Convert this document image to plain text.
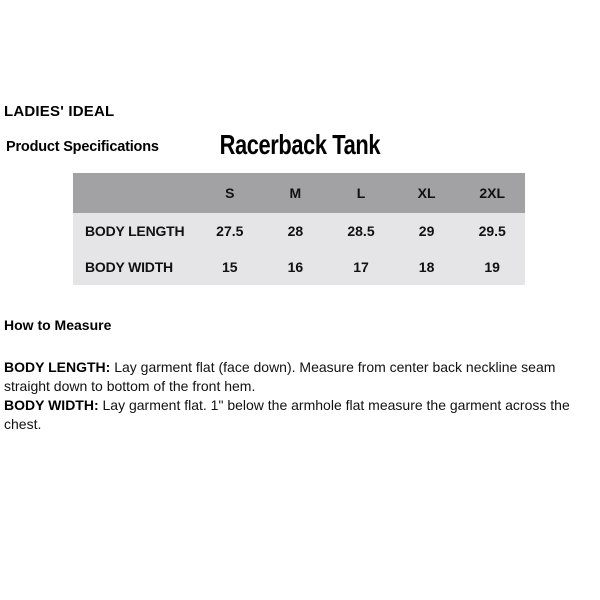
LADIES' IDEAL
Racerback Tank
Product Specifications
	S	M	L	XL	2XL
BODY LENGTH	27.5	28	28.5	29	29.5
BODY WIDTH	15	16	17	18	19
How to Measure

BODY LENGTH: Lay garment flat (face down). Measure from center back neckline seam straight down to bottom of the front hem.

BODY WIDTH: Lay garment flat. 1" below the armhole flat measure the garment across the chest.
